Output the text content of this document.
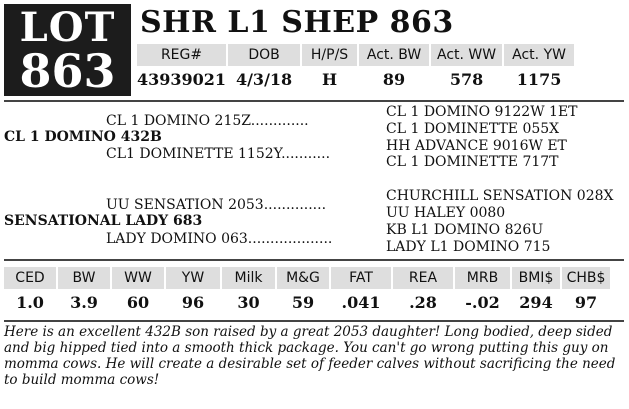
LOT
863
SHR L1 SHEP 863
REG#	DOB	H/P/S	Act. BW	Act. WW	Act. YW
43939021	4/3/18	H	89	578	1175
CL 1 DOMINO 9122W 1ET
CL 1 DOMINO 215Z.............	CL 1 DOMINETTE 055X
CL 1 DOMINO 432B
HH ADVANCE 9016W ET
CL1 DOMINETTE 1152Y...........	CL 1 DOMINETTE 717T
CHURCHILL SENSATION 028X
UU SENSATION 2053..............	UU HALEY 0080
SENSATIONAL LADY 683
KB L1 DOMINO 826U
LADY DOMINO 063...................	LADY L1 DOMINO 715
CED	BW	WW	YW	Milk	M&G	FAT	REA	MRB	BMI$	CHB$
1.0	3.9	60	96	30	59	.041	.28	-.02	294	97
Here is an excellent 432B son raised by a great 2053 daughter! Long bodied, deep sided and big hipped tied into a smooth thick package. You can't go wrong putting this guy on momma cows. He will create a desirable set of feeder calves without sacrificing the need to build momma cows!
